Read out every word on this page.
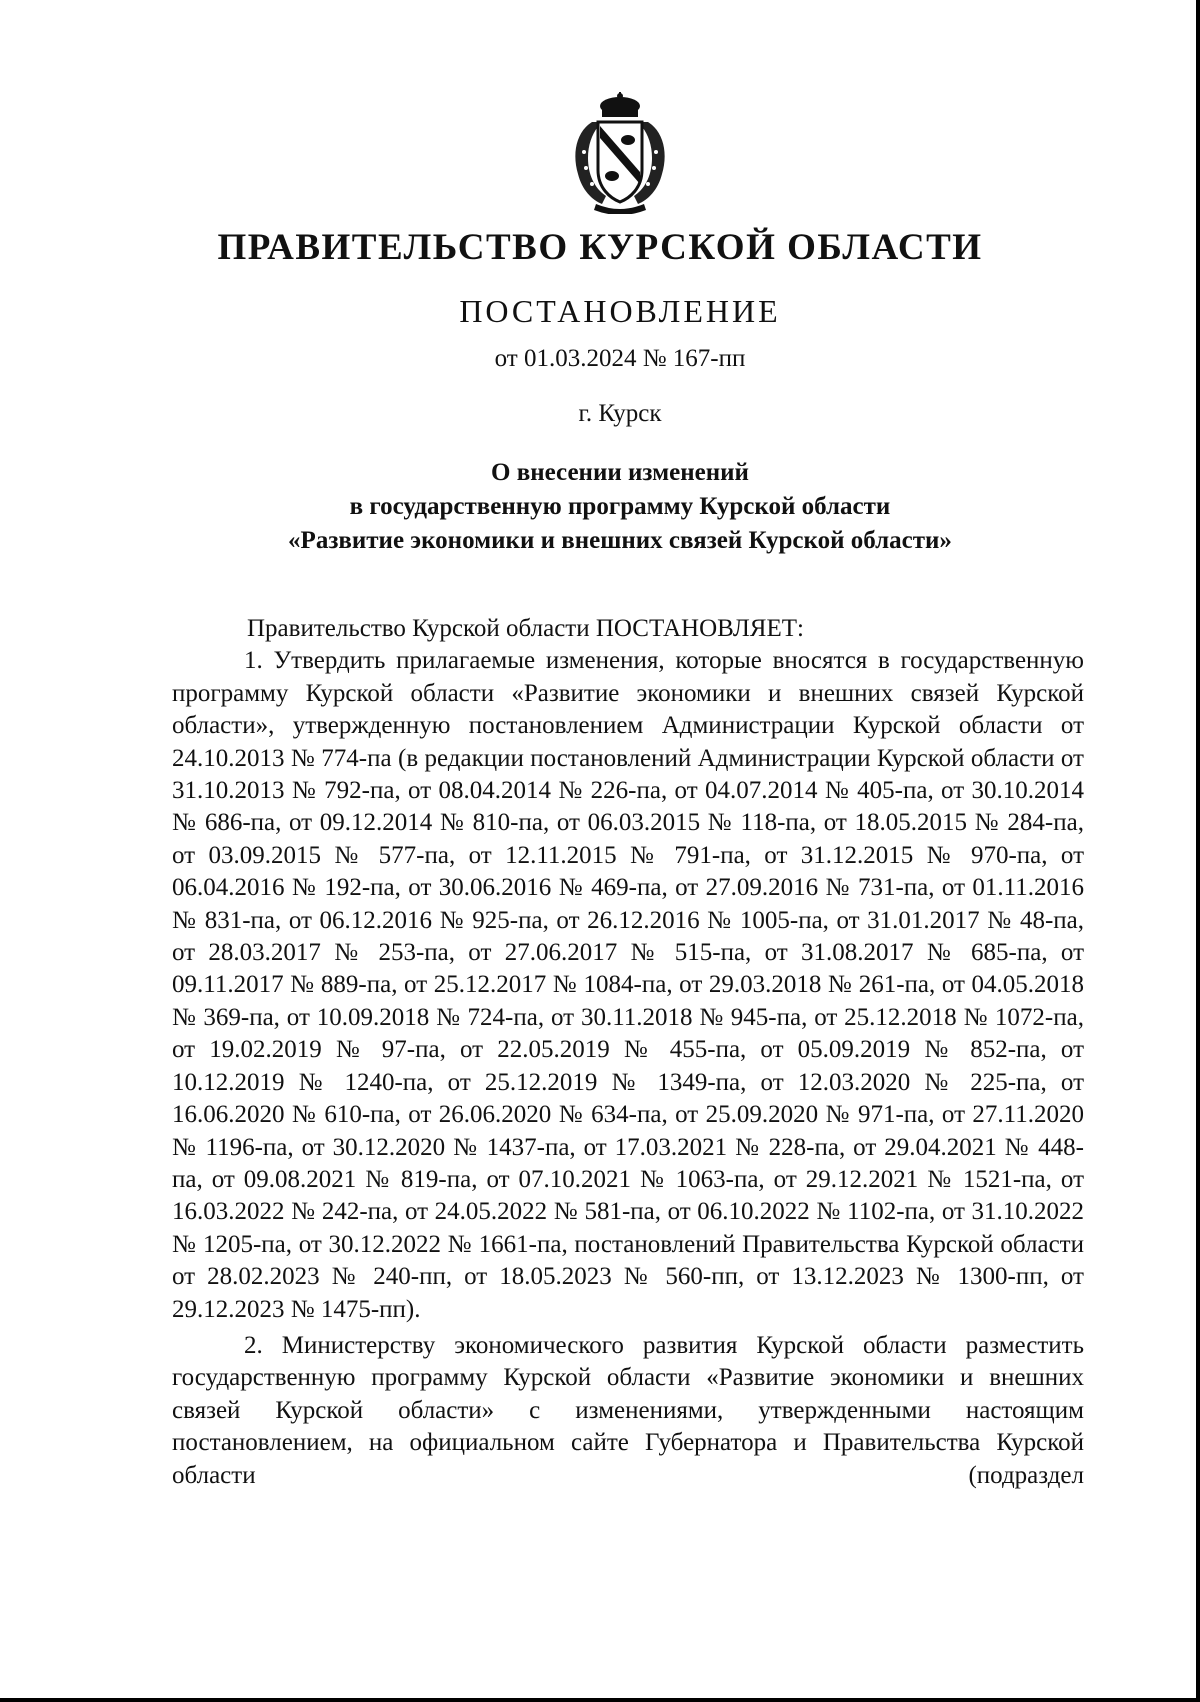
ПРАВИТЕЛЬСТВО КУРСКОЙ ОБЛАСТИ
ПОСТАНОВЛЕНИЕ
от 01.03.2024 № 167-пп
г. Курск
О внесении изменений
в государственную программу Курской области
«Развитие экономики и внешних связей Курской области»

Правительство Курской области ПОСТАНОВЛЯЕТ:

1. Утвердить прилагаемые изменения, которые вносятся в государственную программу Курской области «Развитие экономики и внешних связей Курской области», утвержденную постановлением Администрации Курской области от 24.10.2013 № 774-па (в редакции постановлений Администрации Курской области от 31.10.2013 № 792-па, от 08.04.2014 № 226-па, от 04.07.2014 № 405-па, от 30.10.2014 № 686-па, от 09.12.2014 № 810-па, от 06.03.2015 № 118-па, от 18.05.2015 № 284-па, от 03.09.2015 № 577-па, от 12.11.2015 № 791-па, от 31.12.2015 № 970-па, от 06.04.2016 № 192-па, от 30.06.2016 № 469-па, от 27.09.2016 № 731-па, от 01.11.2016 № 831-па, от 06.12.2016 № 925-па, от 26.12.2016 № 1005-па, от 31.01.2017 № 48-па, от 28.03.2017 № 253-па, от 27.06.2017 № 515-па, от 31.08.2017 № 685-па, от 09.11.2017 № 889-па, от 25.12.2017 № 1084-па, от 29.03.2018 № 261-па, от 04.05.2018 № 369-па, от 10.09.2018 № 724-па, от 30.11.2018 № 945-па, от 25.12.2018 № 1072-па, от 19.02.2019 № 97-па, от 22.05.2019 № 455-па, от 05.09.2019 № 852-па, от 10.12.2019 № 1240-па, от 25.12.2019 № 1349-па, от 12.03.2020 № 225-па, от 16.06.2020 № 610-па, от 26.06.2020 № 634-па, от 25.09.2020 № 971-па, от 27.11.2020 № 1196-па, от 30.12.2020 № 1437-па, от 17.03.2021 № 228-па, от 29.04.2021 № 448-па, от 09.08.2021 № 819-па, от 07.10.2021 № 1063-па, от 29.12.2021 № 1521-па, от 16.03.2022 № 242-па, от 24.05.2022 № 581-па, от 06.10.2022 № 1102-па, от 31.10.2022 № 1205-па, от 30.12.2022 № 1661-па, постановлений Правительства Курской области от 28.02.2023 № 240-пп, от 18.05.2023 № 560-пп, от 13.12.2023 № 1300-пп, от 29.12.2023 № 1475-пп).

2. Министерству экономического развития Курской области разместить государственную программу Курской области «Развитие экономики и внешних связей Курской области» с изменениями, утвержденными настоящим постановлением, на официальном сайте Губернатора и Правительства Курской области (подраздел
